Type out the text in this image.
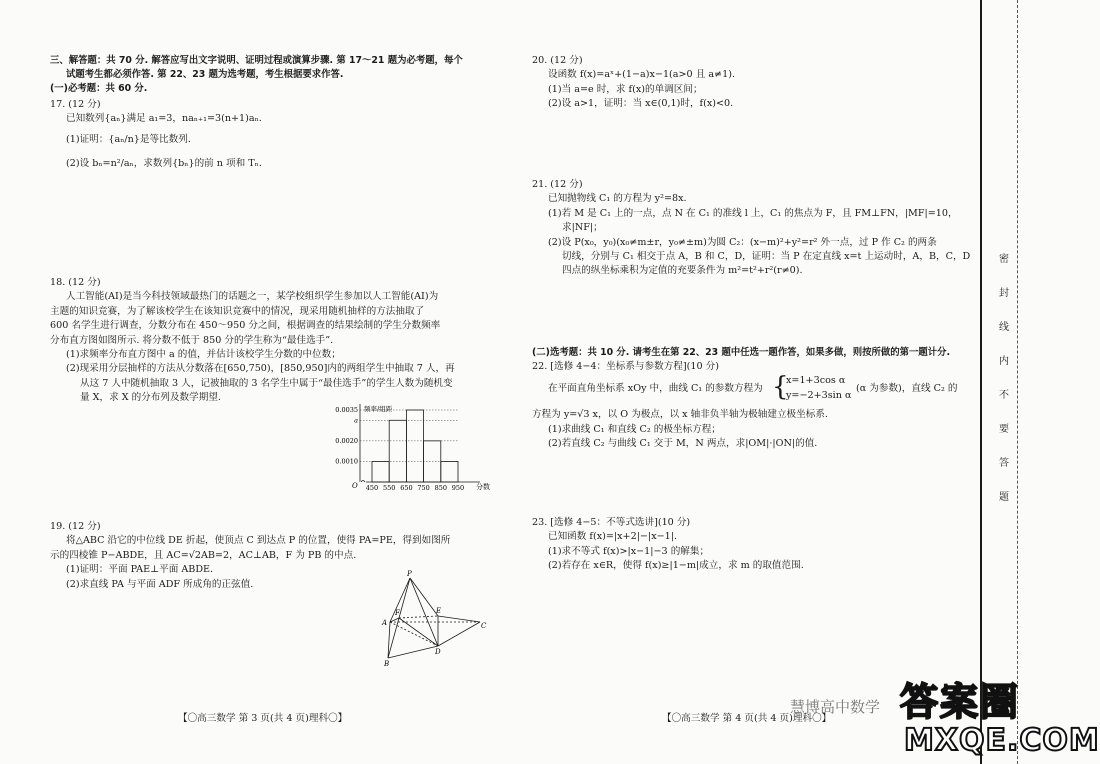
三、解答题：共 70 分. 解答应写出文字说明、证明过程或演算步骤. 第 17～21 题为必考题，每个

试题考生都必须作答. 第 22、23 题为选考题，考生根据要求作答.

(一)必考题：共 60 分.

17. (12 分)

已知数列{aₙ}满足 a₁=3，naₙ₊₁=3(n+1)aₙ.

(1)证明：{aₙ/n}是等比数列.

(2)设 bₙ=n²/aₙ，求数列{bₙ}的前 n 项和 Tₙ.

18. (12 分)

人工智能(AI)是当今科技领域最热门的话题之一，某学校组织学生参加以人工智能(AI)为

主题的知识竞赛，为了解该校学生在该知识竞赛中的情况，现采用随机抽样的方法抽取了

600 名学生进行调查，分数分布在 450～950 分之间，根据调查的结果绘制的学生分数频率

分布直方图如图所示. 将分数不低于 850 分的学生称为“最佳选手”.

(1)求频率分布直方图中 a 的值，并估计该校学生分数的中位数；

(2)现采用分层抽样的方法从分数落在[650,750)，[850,950]内的两组学生中抽取 7 人，再

从这 7 人中随机抽取 3 人，记被抽取的 3 名学生中属于“最佳选手”的学生人数为随机变

量 X，求 X 的分布列及数学期望.

19. (12 分)

将△ABC 沿它的中位线 DE 折起，使顶点 C 到达点 P 的位置，使得 PA=PE，得到如图所

示的四棱锥 P−ABDE，且 AC=√2AB=2，AC⊥AB，F 为 PB 的中点.

(1)证明：平面 PAE⊥平面 ABDE.

(2)求直线 PA 与平面 ADF 所成角的正弦值.

频率/组距
分数
O 450 550 650 750 850 950
0.0035
a
0.0020
0.0010
P
F
A
E
C
D
B
【〇高三数学 第 3 页(共 4 页)理科〇】

20. (12 分)

设函数 f(x)=aˣ+(1−a)x−1(a>0 且 a≠1).

(1)当 a=e 时，求 f(x)的单调区间；

(2)设 a>1，证明：当 x∈(0,1)时，f(x)<0.

21. (12 分)

已知抛物线 C₁ 的方程为 y²=8x.

(1)若 M 是 C₁ 上的一点，点 N 在 C₁ 的准线 l 上，C₁ 的焦点为 F，且 FM⊥FN，|MF|=10，

求|NF|；

(2)设 P(x₀，y₀)(x₀≠m±r，y₀≠±m)为圆 C₂：(x−m)²+y²=r² 外一点，过 P 作 C₂ 的两条

切线，分别与 C₁ 相交于点 A，B 和 C，D，证明：当 P 在定直线 x=t 上运动时，A，B，C，D

四点的纵坐标乘积为定值的充要条件为 m²=t²+r²(r≠0).

(二)选考题：共 10 分. 请考生在第 22、23 题中任选一题作答，如果多做，则按所做的第一题计分.

22. [选修 4−4：坐标系与参数方程](10 分)

在平面直角坐标系 xOy 中，曲线 C₁ 的参数方程为 {
x=1+3cos α
y=−2+3sin α
(α 为参数)，直线 C₂ 的

方程为 y=√3 x，以 O 为极点，以 x 轴非负半轴为极轴建立极坐标系.

(1)求曲线 C₁ 和直线 C₂ 的极坐标方程；

(2)若直线 C₂ 与曲线 C₁ 交于 M，N 两点，求|OM|·|ON|的值.

23. [选修 4−5：不等式选讲](10 分)

已知函数 f(x)=|x+2|−|x−1|.

(1)求不等式 f(x)>|x−1|−3 的解集；

(2)若存在 x∈R，使得 f(x)≥|1−m|成立，求 m 的取值范围.

【〇高三数学 第 4 页(共 4 页)理科〇】
密
封
线
内
不
要
答
题
慧博高中数学 答案圈
MXQE.COM
